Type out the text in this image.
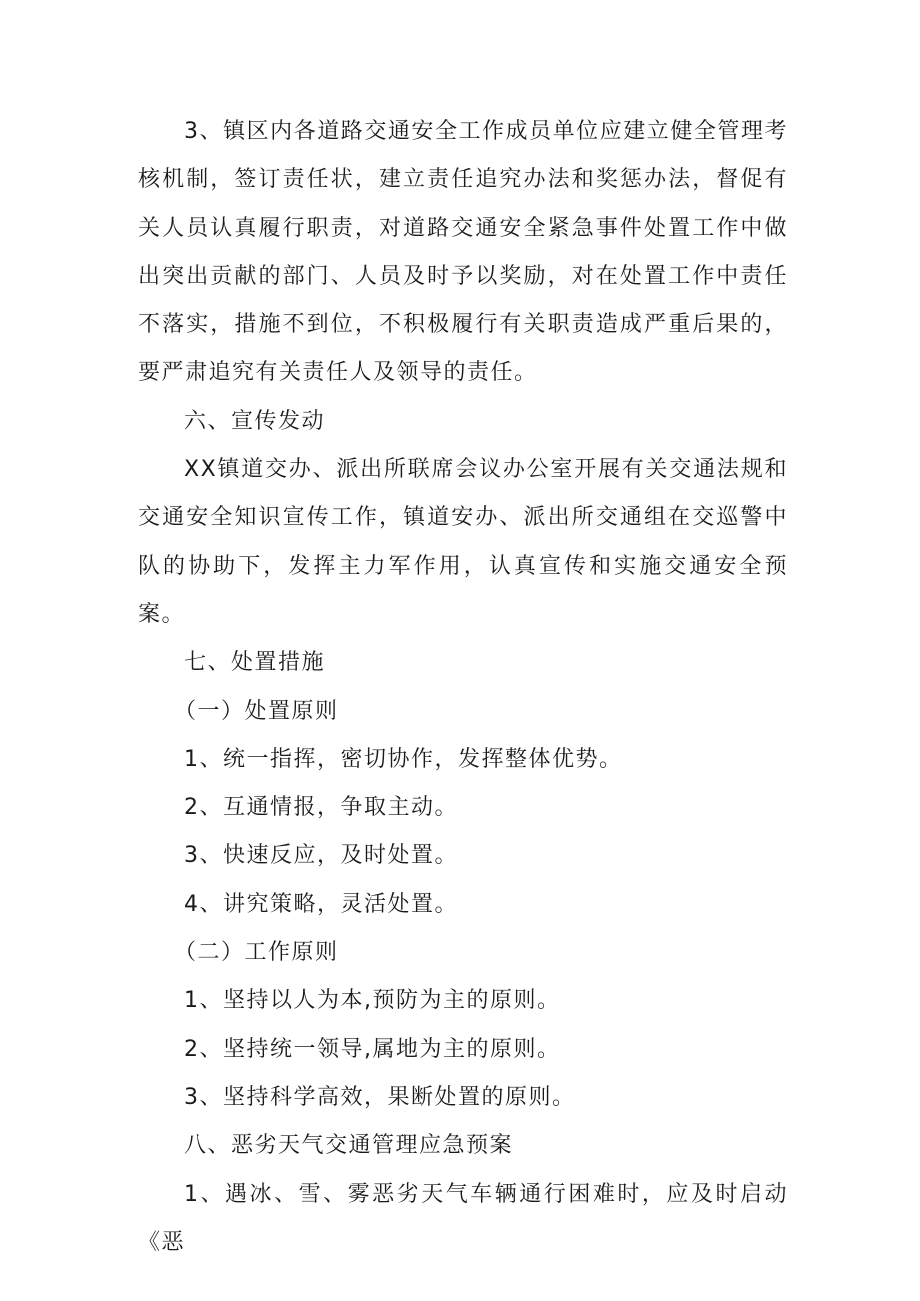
3、镇区内各道路交通安全工作成员单位应建立健全管理考核机制，签订责任状，建立责任追究办法和奖惩办法，督促有关人员认真履行职责，对道路交通安全紧急事件处置工作中做出突出贡献的部门、人员及时予以奖励，对在处置工作中责任不落实，措施不到位，不积极履行有关职责造成严重后果的，要严肃追究有关责任人及领导的责任。

六、宣传发动

XX镇道交办、派出所联席会议办公室开展有关交通法规和交通安全知识宣传工作，镇道安办、派出所交通组在交巡警中队的协助下，发挥主力军作用，认真宣传和实施交通安全预案。

七、处置措施

（一）处置原则

1、统一指挥，密切协作，发挥整体优势。

2、互通情报，争取主动。

3、快速反应，及时处置。

4、讲究策略，灵活处置。

（二）工作原则

1、坚持以人为本,预防为主的原则。

2、坚持统一领导,属地为主的原则。

3、坚持科学高效，果断处置的原则。

八、恶劣天气交通管理应急预案

1、遇冰、雪、雾恶劣天气车辆通行困难时，应及时启动《恶
